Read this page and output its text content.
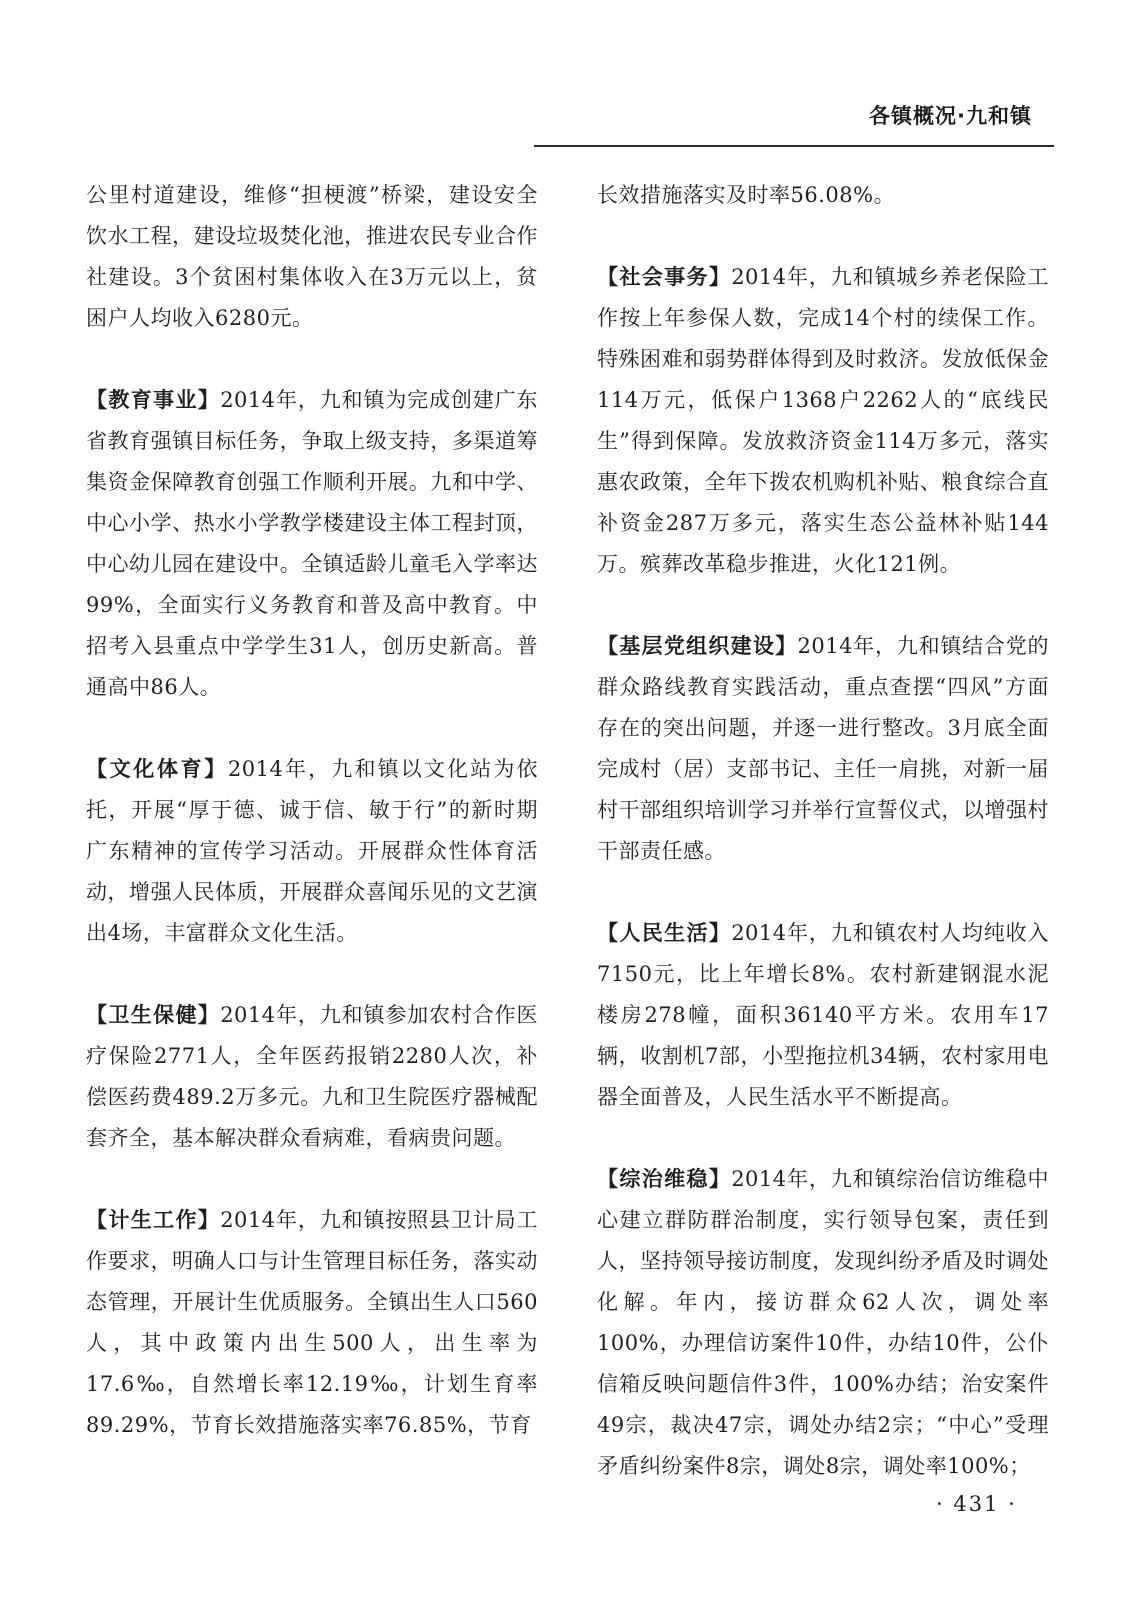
各镇概况·九和镇

公里村道建设，维修“担梗渡”桥梁，建设安全饮水工程，建设垃圾焚化池，推进农民专业合作社建设。3个贫困村集体收入在3万元以上，贫困户人均收入6280元。

【教育事业】2014年，九和镇为完成创建广东省教育强镇目标任务，争取上级支持，多渠道筹集资金保障教育创强工作顺利开展。九和中学、中心小学、热水小学教学楼建设主体工程封顶，中心幼儿园在建设中。全镇适龄儿童毛入学率达99%，全面实行义务教育和普及高中教育。中招考入县重点中学学生31人，创历史新高。普通高中86人。

【文化体育】2014年，九和镇以文化站为依托，开展“厚于德、诚于信、敏于行”的新时期广东精神的宣传学习活动。开展群众性体育活动，增强人民体质，开展群众喜闻乐见的文艺演出4场，丰富群众文化生活。

【卫生保健】2014年，九和镇参加农村合作医疗保险2771人，全年医药报销2280人次，补偿医药费489.2万多元。九和卫生院医疗器械配套齐全，基本解决群众看病难，看病贵问题。

【计生工作】2014年，九和镇按照县卫计局工作要求，明确人口与计生管理目标任务，落实动态管理，开展计生优质服务。全镇出生人口560人，其中政策内出生500人，出生率为17.6‰，自然增长率12.19‰，计划生育率89.29%，节育长效措施落实率76.85%，节育

长效措施落实及时率56.08%。

【社会事务】2014年，九和镇城乡养老保险工作按上年参保人数，完成14个村的续保工作。特殊困难和弱势群体得到及时救济。发放低保金114万元，低保户1368户2262人的“底线民生”得到保障。发放救济资金114万多元，落实惠农政策，全年下拨农机购机补贴、粮食综合直补资金287万多元，落实生态公益林补贴144万。殡葬改革稳步推进，火化121例。

【基层党组织建设】2014年，九和镇结合党的群众路线教育实践活动，重点查摆“四风”方面存在的突出问题，并逐一进行整改。3月底全面完成村（居）支部书记、主任一肩挑，对新一届村干部组织培训学习并举行宣誓仪式，以增强村干部责任感。

【人民生活】2014年，九和镇农村人均纯收入7150元，比上年增长8%。农村新建钢混水泥楼房278幢，面积36140平方米。农用车17辆，收割机7部，小型拖拉机34辆，农村家用电器全面普及，人民生活水平不断提高。

【综治维稳】2014年，九和镇综治信访维稳中心建立群防群治制度，实行领导包案，责任到人，坚持领导接访制度，发现纠纷矛盾及时调处化解。年内，接访群众62人次，调处率100%，办理信访案件10件，办结10件，公仆信箱反映问题信件3件，100%办结；治安案件49宗，裁决47宗，调处办结2宗；“中心”受理矛盾纠纷案件8宗，调处8宗，调处率100%；

· 431 ·
